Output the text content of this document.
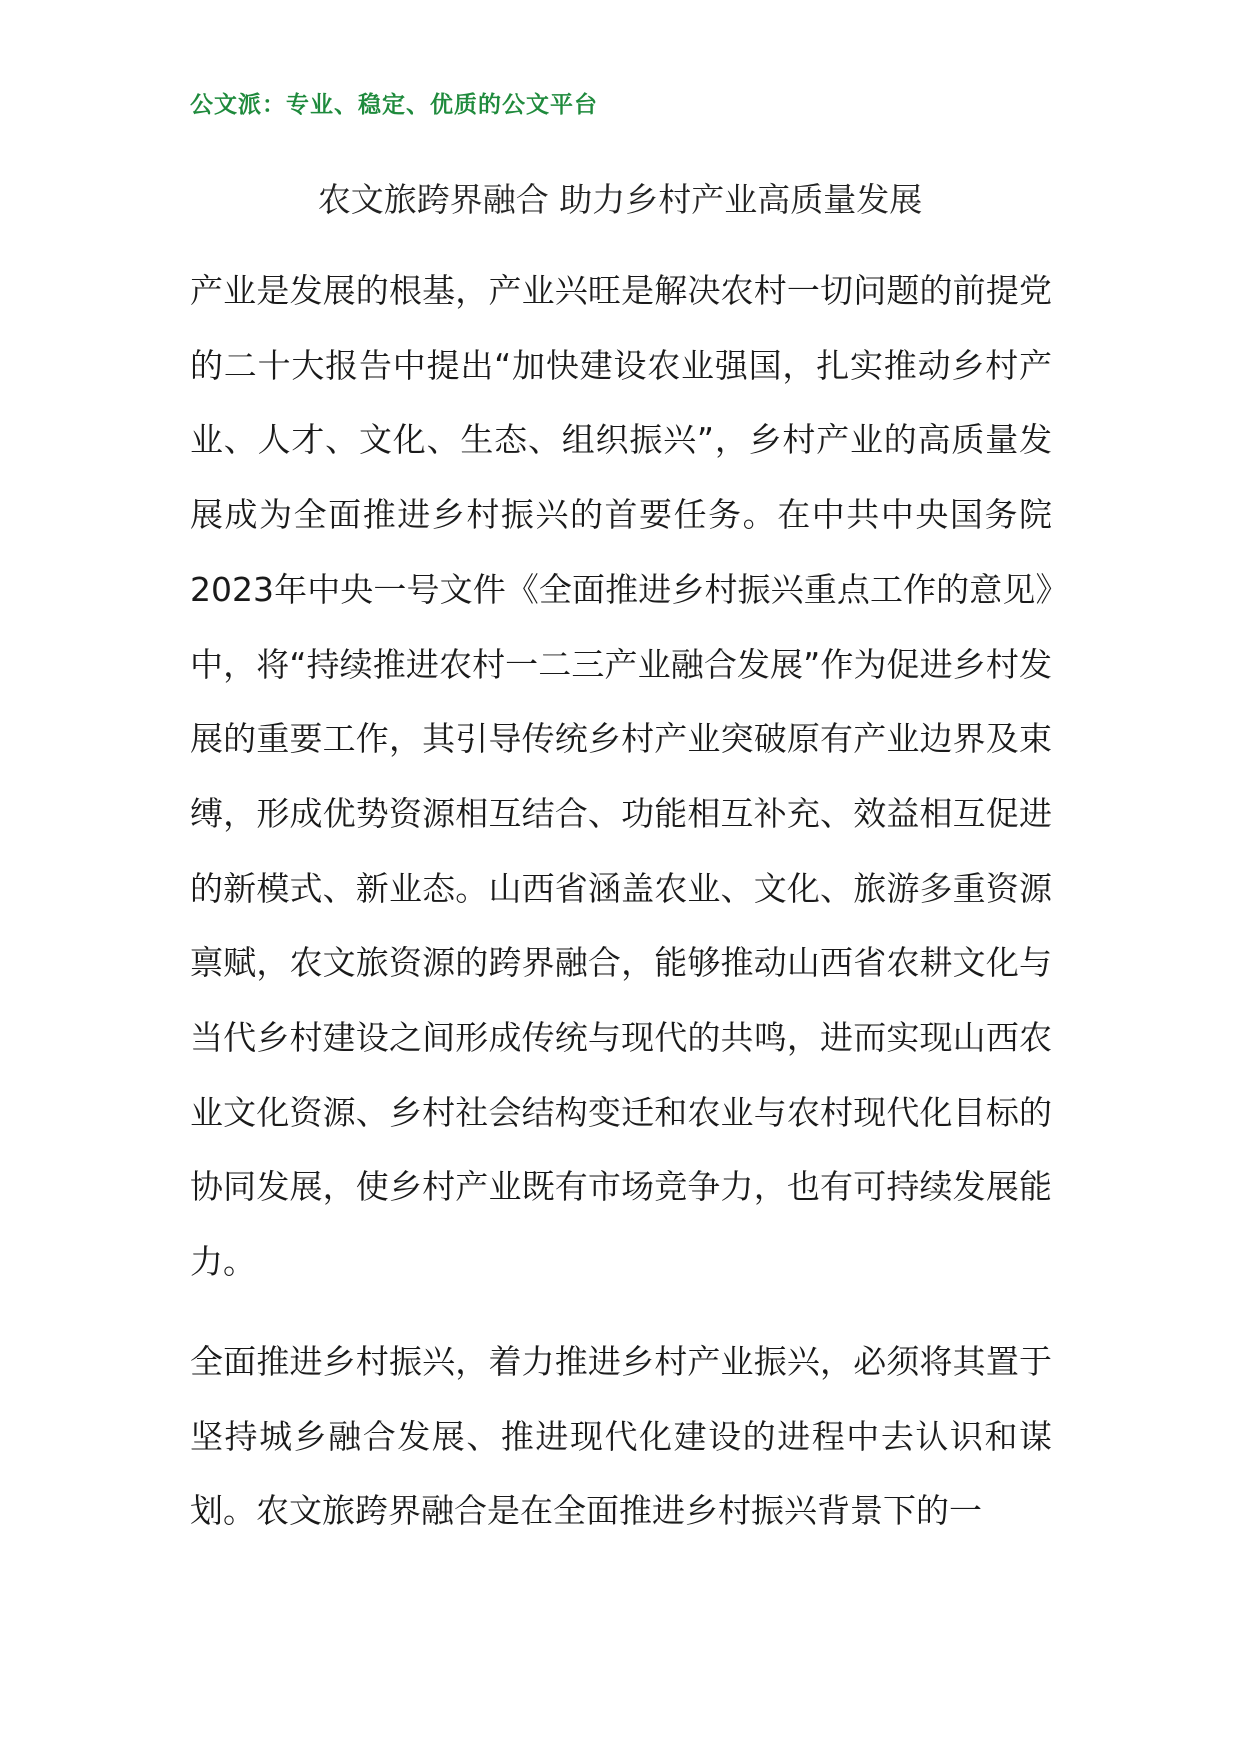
公文派：专业、稳定、优质的公文平台
农文旅跨界融合 助力乡村产业高质量发展

产业是发展的根基，产业兴旺是解决农村一切问题的前提党的二十大报告中提出“加快建设农业强国，扎实推动乡村产业、人才、文化、生态、组织振兴”，乡村产业的高质量发展成为全面推进乡村振兴的首要任务。在中共中央国务院2023年中央一号文件《全面推进乡村振兴重点工作的意见》中，将“持续推进农村一二三产业融合发展”作为促进乡村发展的重要工作，其引导传统乡村产业突破原有产业边界及束缚，形成优势资源相互结合、功能相互补充、效益相互促进的新模式、新业态。山西省涵盖农业、文化、旅游多重资源禀赋，农文旅资源的跨界融合，能够推动山西省农耕文化与当代乡村建设之间形成传统与现代的共鸣，进而实现山西农业文化资源、乡村社会结构变迁和农业与农村现代化目标的协同发展，使乡村产业既有市场竞争力，也有可持续发展能力。

全面推进乡村振兴，着力推进乡村产业振兴，必须将其置于坚持城乡融合发展、推进现代化建设的进程中去认识和谋划。农文旅跨界融合是在全面推进乡村振兴背景下的一
